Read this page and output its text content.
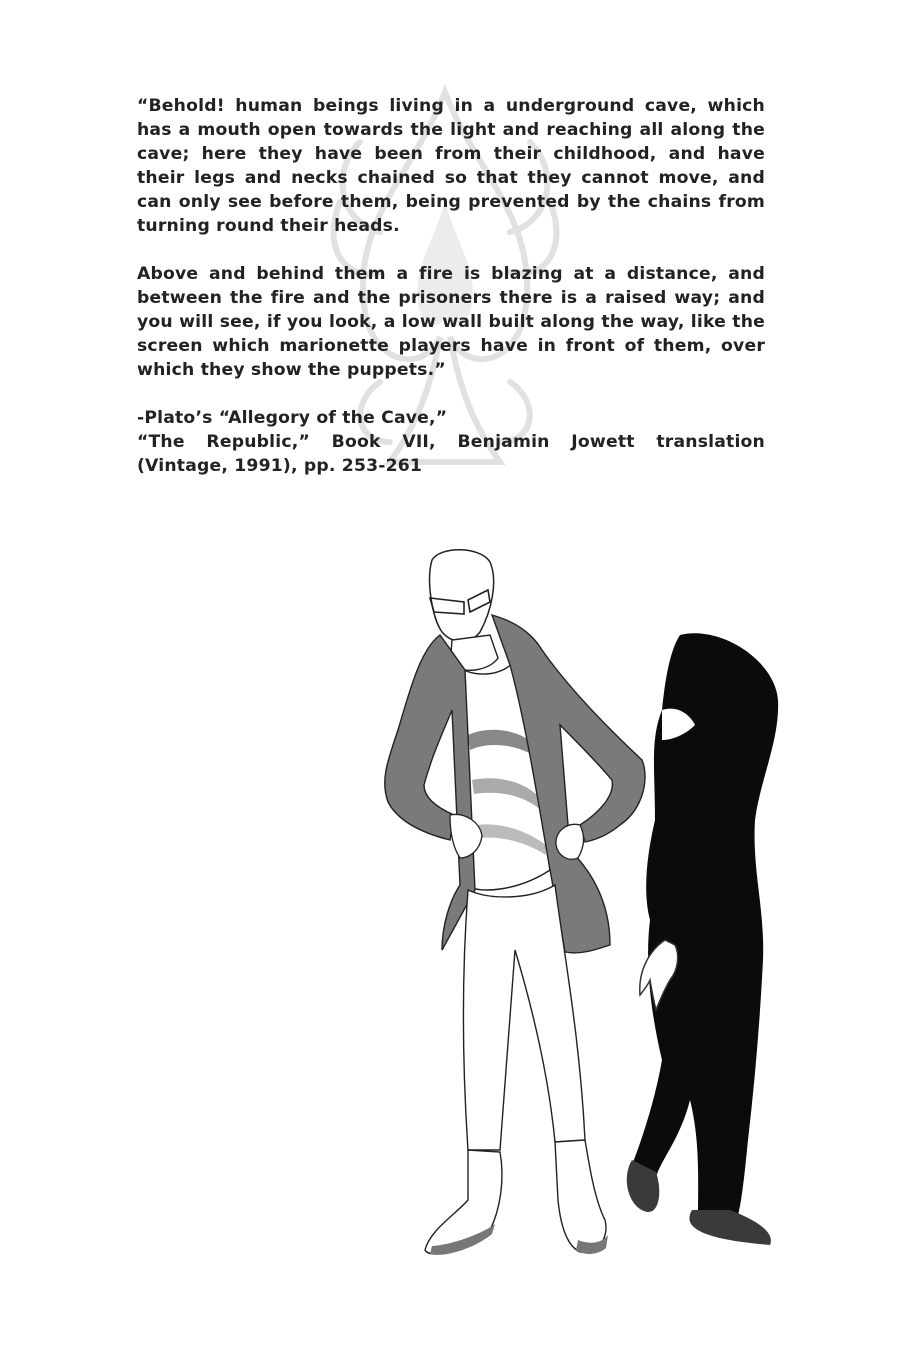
“Behold! human beings living in a underground cave, which has a mouth open towards the light and reaching all along the cave; here they have been from their childhood, and have their legs and necks chained so that they cannot move, and can only see before them, being prevented by the chains from turning round their heads.

Above and behind them a fire is blazing at a distance, and between the fire and the prisoners there is a raised way; and you will see, if you look, a low wall built along the way, like the screen which marionette players have in front of them, over which they show the puppets.”

-Plato’s “Allegory of the Cave,”

“The Republic,” Book VII, Benjamin Jowett translation (Vintage, 1991), pp. 253-261
